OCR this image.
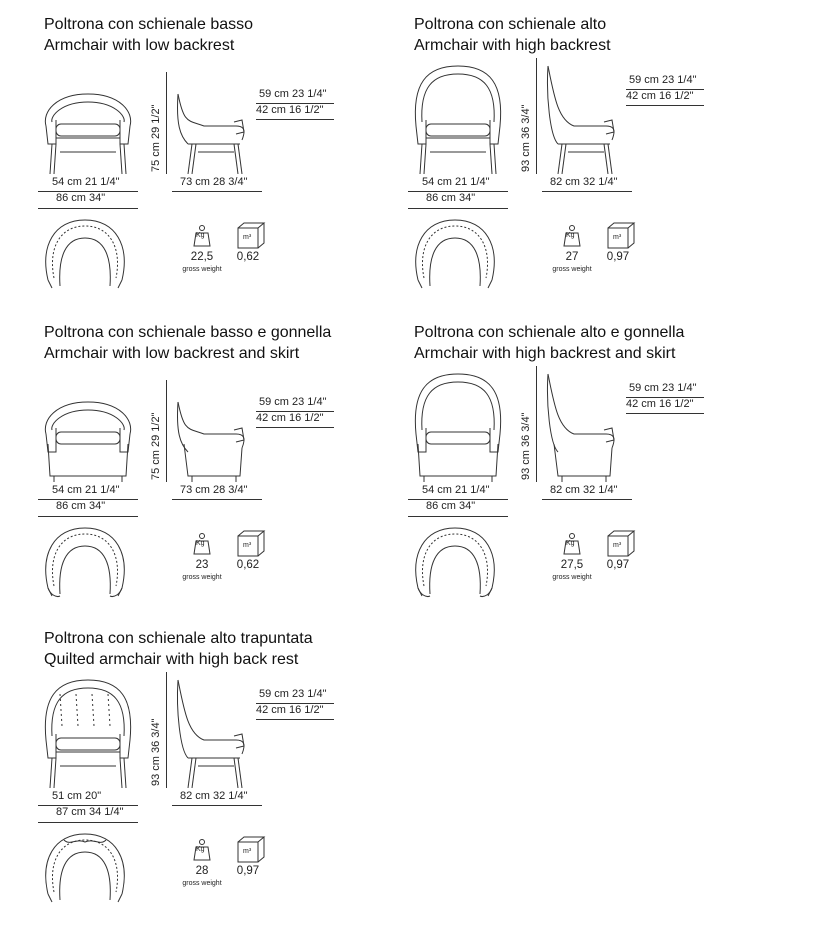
Poltrona con schienale basso
Armchair with low backrest
54 cm 21 1/4"
86 cm 34"
75 cm 29 1/2"
73 cm 28 3/4"
59 cm 23 1/4"
42 cm 16 1/2"
Kg
22,5
gross weight
m³
0,62
Poltrona con schienale alto
Armchair with high backrest
54 cm 21 1/4"
86 cm 34"
93 cm 36 3/4"
82 cm 32 1/4"
59 cm 23 1/4"
42 cm 16 1/2"
Kg
27
gross weight
m³
0,97
Poltrona con schienale basso e gonnella
Armchair with low backrest and skirt
54 cm 21 1/4"
86 cm 34"
75 cm 29 1/2"
73 cm 28 3/4"
59 cm 23 1/4"
42 cm 16 1/2"
Kg
23
gross weight
m³
0,62
Poltrona con schienale alto e gonnella
Armchair with high backrest and skirt
54 cm 21 1/4"
86 cm 34"
93 cm 36 3/4"
82 cm 32 1/4"
59 cm 23 1/4"
42 cm 16 1/2"
Kg
27,5
gross weight
m³
0,97
Poltrona con schienale alto trapuntata
Quilted armchair with high back rest
51 cm 20"
87 cm 34 1/4"
93 cm 36 3/4"
82 cm 32 1/4"
59 cm 23 1/4"
42 cm 16 1/2"
Kg
28
gross weight
m³
0,97
